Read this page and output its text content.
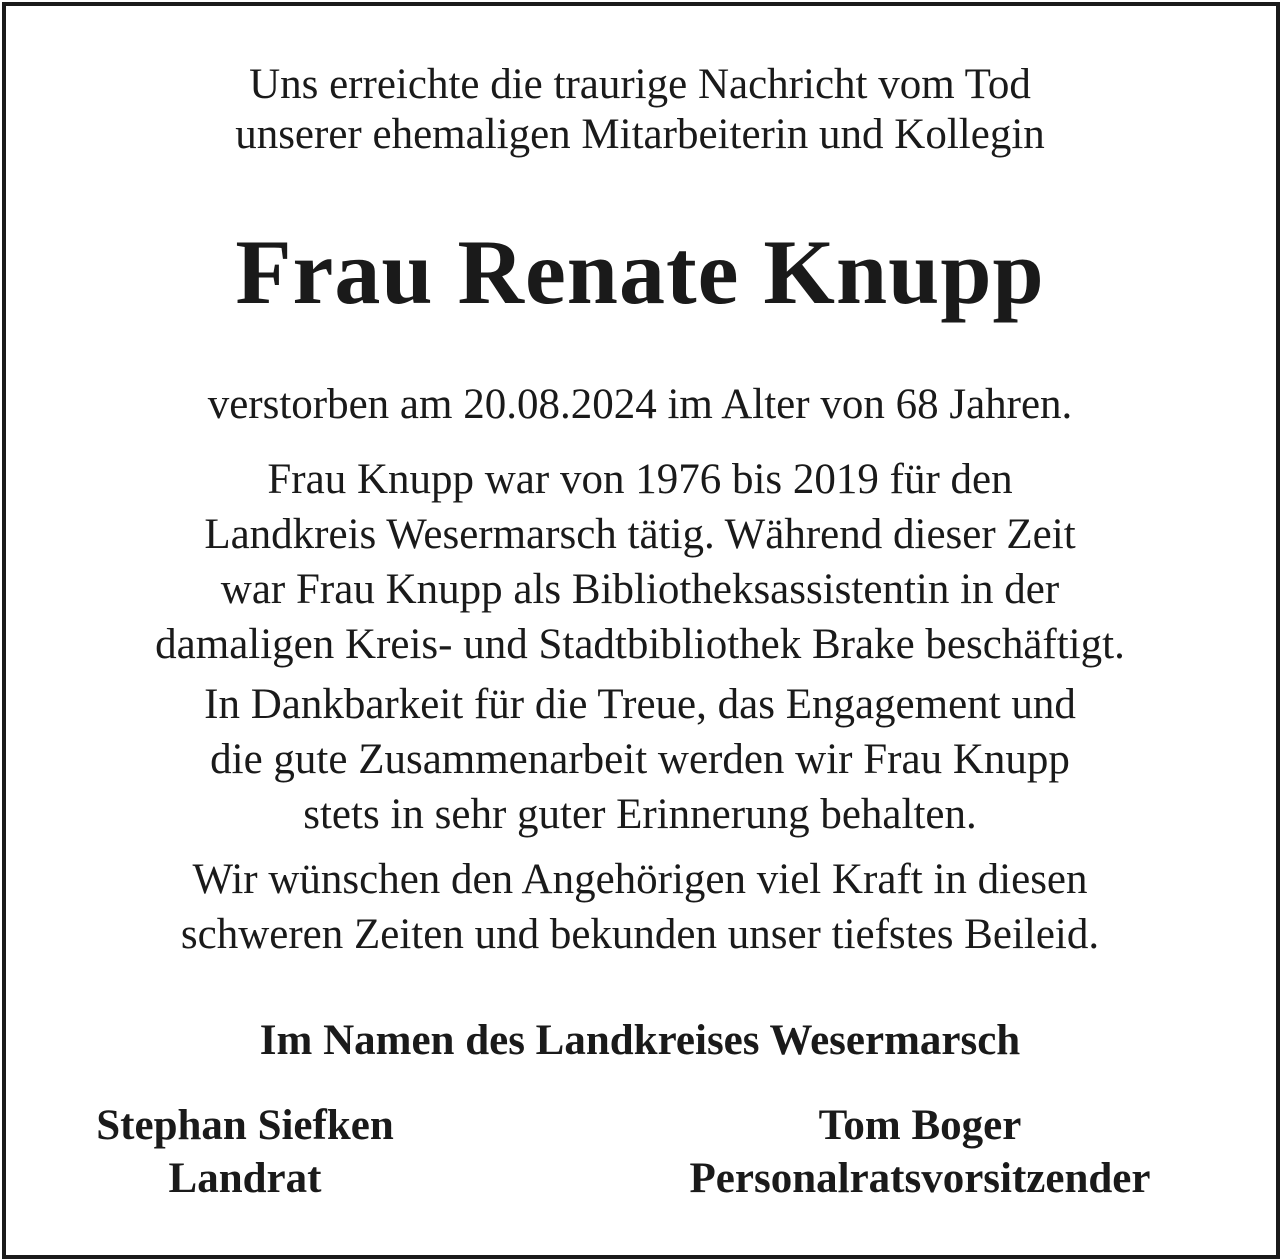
Uns erreichte die traurige Nachricht vom Tod
unserer ehemaligen Mitarbeiterin und Kollegin
Frau Renate Knupp
verstorben am 20.08.2024 im Alter von 68 Jahren.
Frau Knupp war von 1976 bis 2019 für den
Landkreis Wesermarsch tätig. Während dieser Zeit
war Frau Knupp als Bibliotheksassistentin in der
damaligen Kreis- und Stadtbibliothek Brake beschäftigt.
In Dankbarkeit für die Treue, das Engagement und
die gute Zusammenarbeit werden wir Frau Knupp
stets in sehr guter Erinnerung behalten.
Wir wünschen den Angehörigen viel Kraft in diesen
schweren Zeiten und bekunden unser tiefstes Beileid.
Im Namen des Landkreises Wesermarsch
Stephan Siefken
Landrat
Tom Boger
Personalratsvorsitzender
